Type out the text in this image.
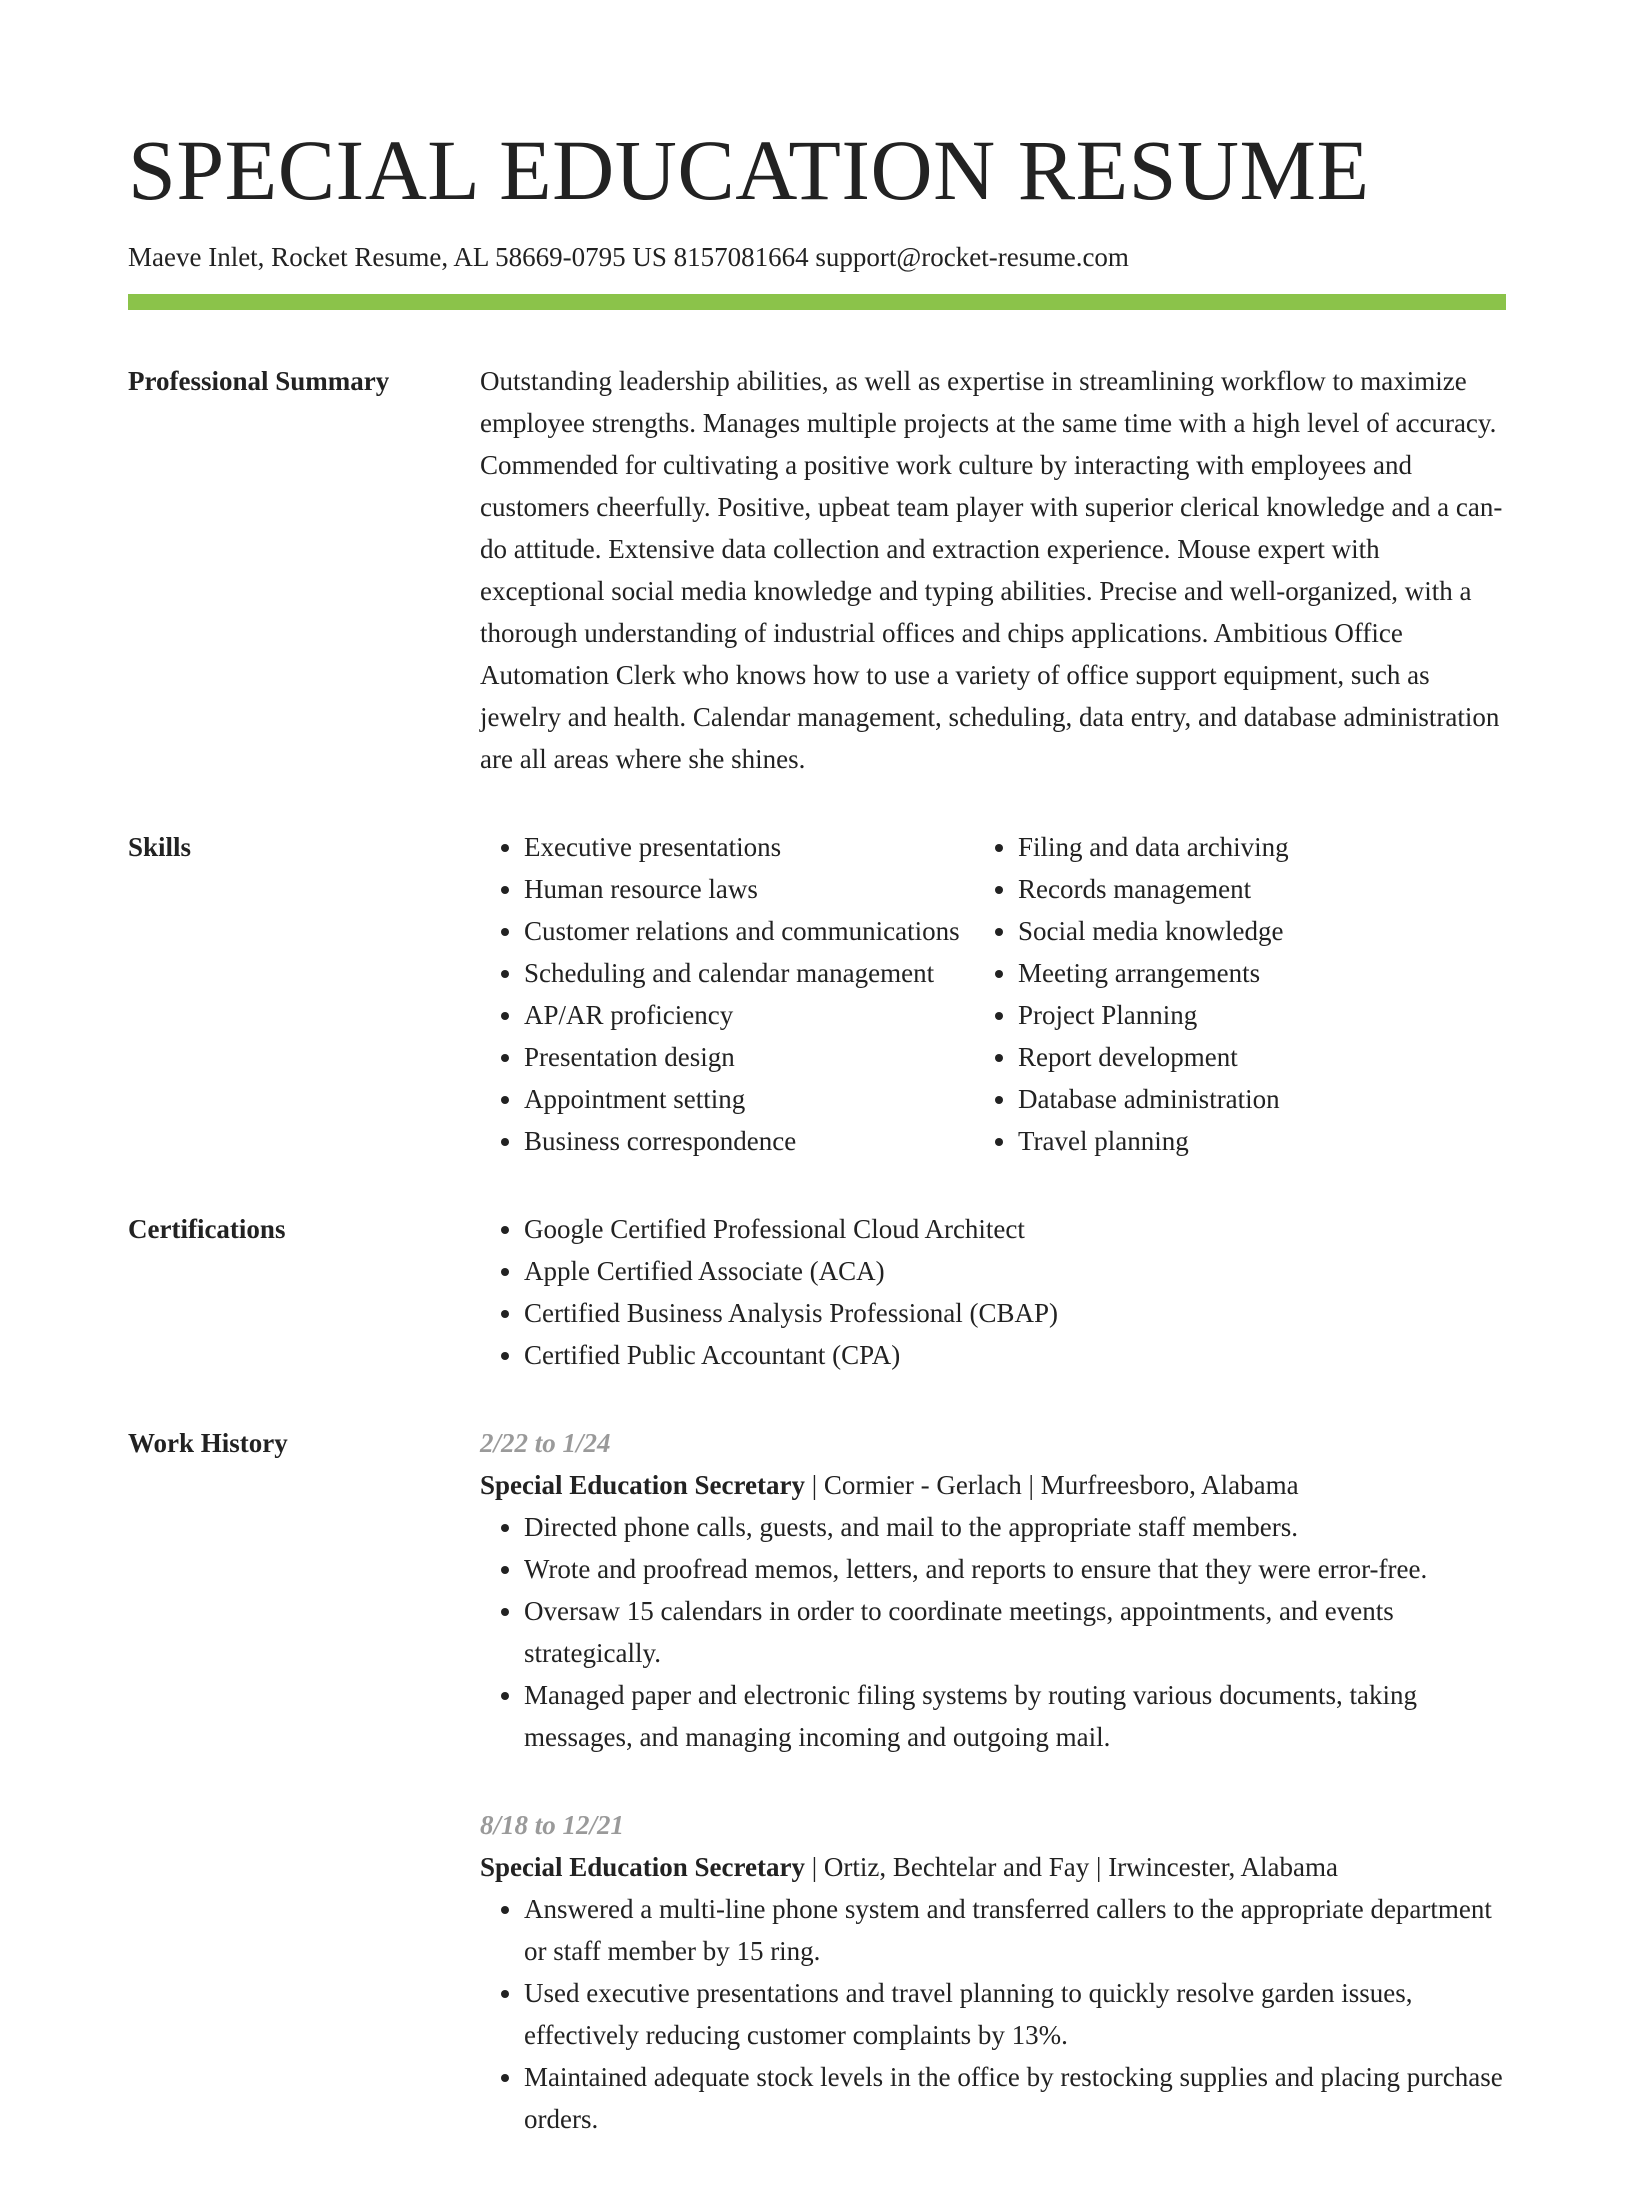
SPECIAL EDUCATION RESUME
Maeve Inlet, Rocket Resume, AL 58669-0795 US 8157081664 support@rocket-resume.com
Professional Summary	Outstanding leadership abilities, as well as expertise in streamlining workflow to maximize employee strengths. Manages multiple projects at the same time with a high level of accuracy. Commended for cultivating a positive work culture by interacting with employees and customers cheerfully. Positive, upbeat team player with superior clerical knowledge and a can-do attitude. Extensive data collection and extraction experience. Mouse expert with exceptional social media knowledge and typing abilities. Precise and well-organized, with a thorough understanding of industrial offices and chips applications. Ambitious Office Automation Clerk who knows how to use a variety of office support equipment, such as jewelry and health. Calendar management, scheduling, data entry, and database administration are all areas where she shines.

Skills	• Executive presentations
• Human resource laws
• Customer relations and communications
• Scheduling and calendar management
• AP/AR proficiency
• Presentation design
• Appointment setting
• Business correspondence
• Filing and data archiving
• Records management
• Social media knowledge
• Meeting arrangements
• Project Planning
• Report development
• Database administration
• Travel planning
Certifications	• Google Certified Professional Cloud Architect
• Apple Certified Associate (ACA)
• Certified Business Analysis Professional (CBAP)
• Certified Public Accountant (CPA)
Work History	2/22 to 1/24
Special Education Secretary | Cormier - Gerlach | Murfreesboro, Alabama
• Directed phone calls, guests, and mail to the appropriate staff members.
• Wrote and proofread memos, letters, and reports to ensure that they were error-free.
• Oversaw 15 calendars in order to coordinate meetings, appointments, and events strategically.
• Managed paper and electronic filing systems by routing various documents, taking messages, and managing incoming and outgoing mail.
8/18 to 12/21
Special Education Secretary | Ortiz, Bechtelar and Fay | Irwincester, Alabama
• Answered a multi-line phone system and transferred callers to the appropriate department or staff member by 15 ring.
• Used executive presentations and travel planning to quickly resolve garden issues, effectively reducing customer complaints by 13%.
• Maintained adequate stock levels in the office by restocking supplies and placing purchase orders.
